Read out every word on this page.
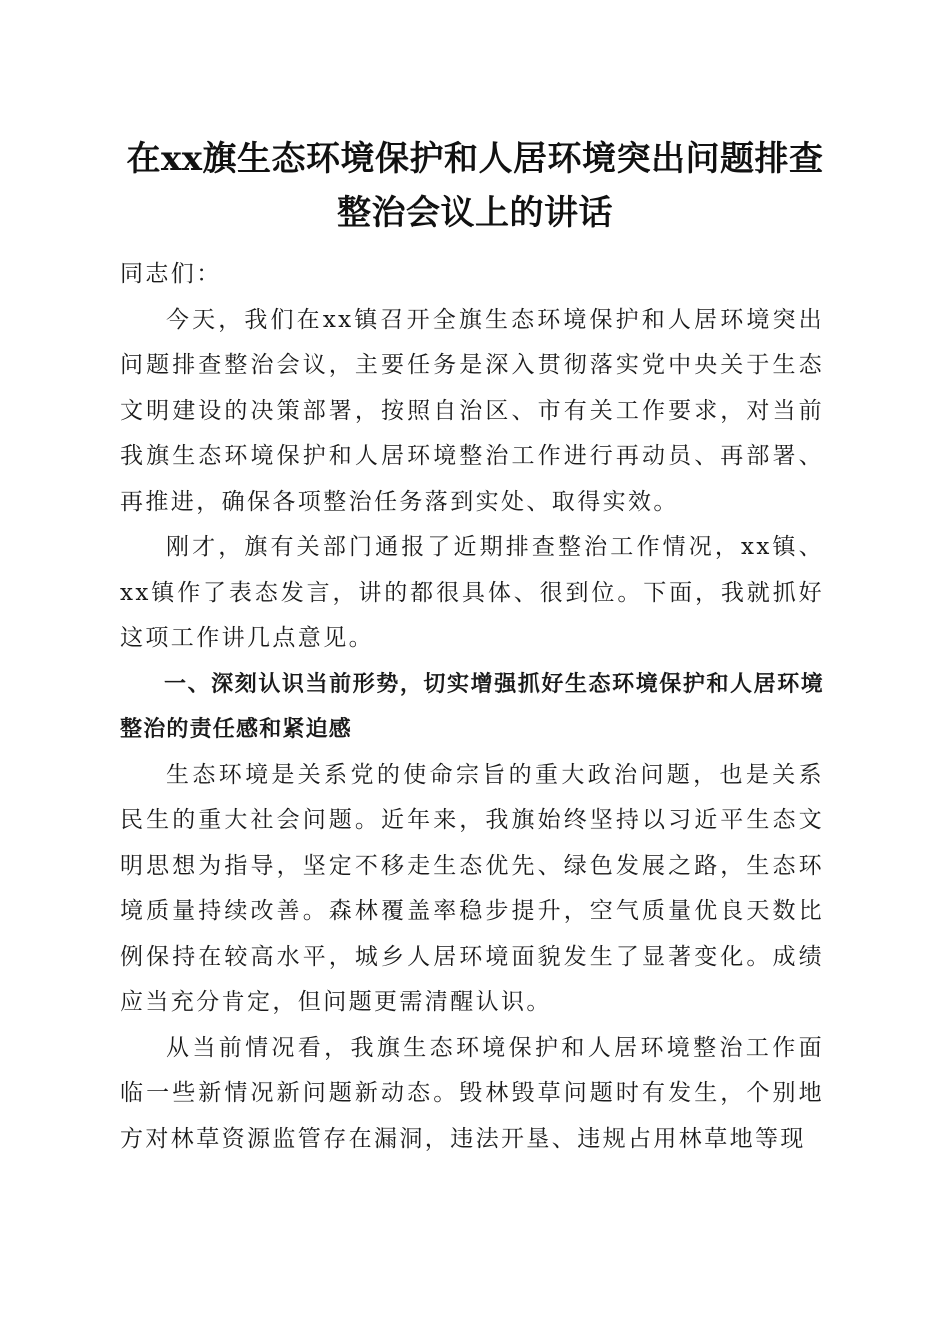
在xx旗生态环境保护和人居环境突出问题排查整治会议上的讲话

同志们：

今天，我们在xx镇召开全旗生态环境保护和人居环境突出问题排查整治会议，主要任务是深入贯彻落实党中央关于生态文明建设的决策部署，按照自治区、市有关工作要求，对当前我旗生态环境保护和人居环境整治工作进行再动员、再部署、再推进，确保各项整治任务落到实处、取得实效。

刚才，旗有关部门通报了近期排查整治工作情况，xx镇、xx镇作了表态发言，讲的都很具体、很到位。下面，我就抓好这项工作讲几点意见。

一、深刻认识当前形势，切实增强抓好生态环境保护和人居环境整治的责任感和紧迫感

生态环境是关系党的使命宗旨的重大政治问题，也是关系民生的重大社会问题。近年来，我旗始终坚持以习近平生态文明思想为指导，坚定不移走生态优先、绿色发展之路，生态环境质量持续改善。森林覆盖率稳步提升，空气质量优良天数比例保持在较高水平，城乡人居环境面貌发生了显著变化。成绩应当充分肯定，但问题更需清醒认识。

从当前情况看，我旗生态环境保护和人居环境整治工作面临一些新情况新问题新动态。毁林毁草问题时有发生，个别地方对林草资源监管存在漏洞，违法开垦、违规占用林草地等现
